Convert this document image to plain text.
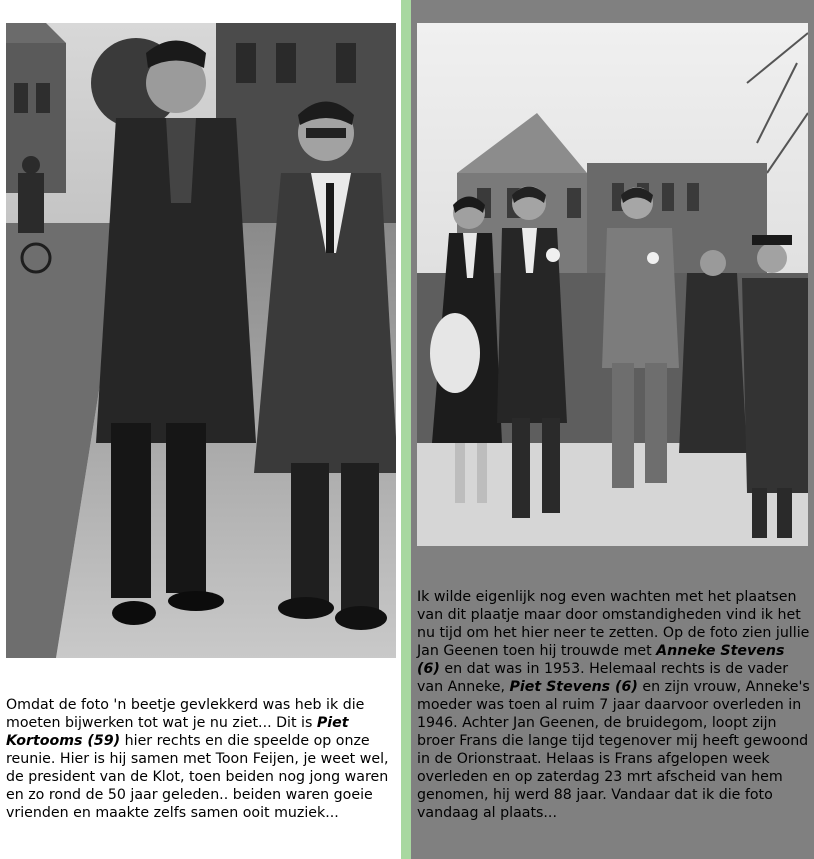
Omdat de foto 'n beetje gevlekkerd was heb ik die moeten bijwerken tot wat je nu ziet... Dit is Piet Kortooms (59) hier rechts en die speelde op onze reunie. Hier is hij samen met Toon Feijen, je weet wel, de president van de Klot, toen beiden nog jong waren en zo rond de 50 jaar geleden.. beiden waren goeie vrienden en maakte zelfs samen ooit muziek...
Ik wilde eigenlijk nog even wachten met het plaatsen van dit plaatje maar door omstandigheden vind ik het nu tijd om het hier neer te zetten. Op de foto zien jullie Jan Geenen toen hij trouwde met Anneke Stevens (6) en dat was in 1953. Helemaal rechts is de vader van Anneke, Piet Stevens (6) en zijn vrouw, Anneke's moeder was toen al ruim 7 jaar daarvoor overleden in 1946. Achter Jan Geenen, de bruidegom, loopt zijn broer Frans die lange tijd tegenover mij heeft gewoond in de Orionstraat. Helaas is Frans afgelopen week overleden en op zaterdag 23 mrt afscheid van hem genomen, hij werd 88 jaar. Vandaar dat ik die foto vandaag al plaats...
